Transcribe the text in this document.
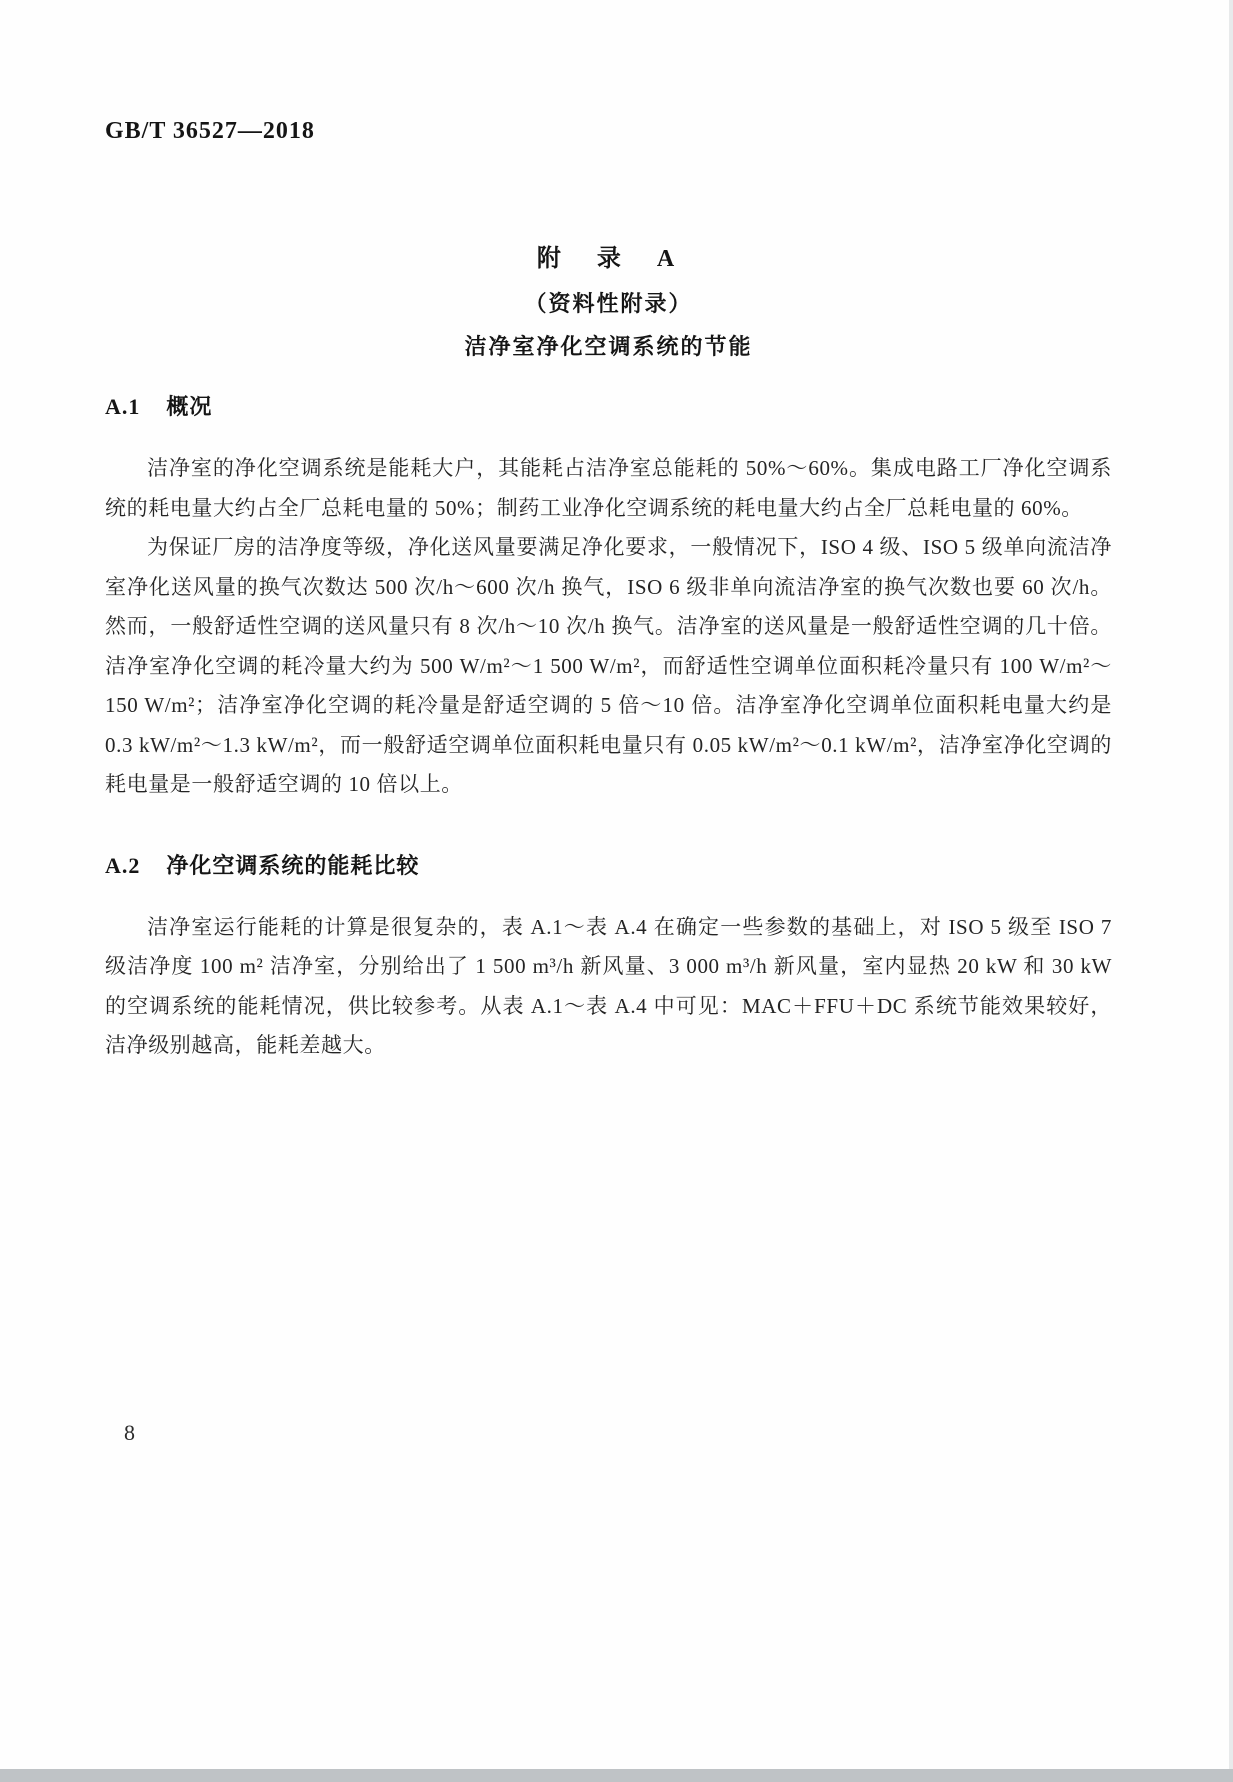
GB/T 36527—2018
附　录　A
（资料性附录）
洁净室净化空调系统的节能
A.1 概况

洁净室的净化空调系统是能耗大户，其能耗占洁净室总能耗的 50%～60%。集成电路工厂净化空调系统的耗电量大约占全厂总耗电量的 50%；制药工业净化空调系统的耗电量大约占全厂总耗电量的 60%。

为保证厂房的洁净度等级，净化送风量要满足净化要求，一般情况下，ISO 4 级、ISO 5 级单向流洁净室净化送风量的换气次数达 500 次/h～600 次/h 换气，ISO 6 级非单向流洁净室的换气次数也要 60 次/h。然而，一般舒适性空调的送风量只有 8 次/h～10 次/h 换气。洁净室的送风量是一般舒适性空调的几十倍。洁净室净化空调的耗冷量大约为 500 W/m²～1 500 W/m²，而舒适性空调单位面积耗冷量只有 100 W/m²～150 W/m²；洁净室净化空调的耗冷量是舒适空调的 5 倍～10 倍。洁净室净化空调单位面积耗电量大约是 0.3 kW/m²～1.3 kW/m²，而一般舒适空调单位面积耗电量只有 0.05 kW/m²～0.1 kW/m²，洁净室净化空调的耗电量是一般舒适空调的 10 倍以上。

A.2 净化空调系统的能耗比较

洁净室运行能耗的计算是很复杂的，表 A.1～表 A.4 在确定一些参数的基础上，对 ISO 5 级至 ISO 7 级洁净度 100 m² 洁净室，分别给出了 1 500 m³/h 新风量、3 000 m³/h 新风量，室内显热 20 kW 和 30 kW 的空调系统的能耗情况，供比较参考。从表 A.1～表 A.4 中可见：MAC＋FFU＋DC 系统节能效果较好，洁净级别越高，能耗差越大。

8
